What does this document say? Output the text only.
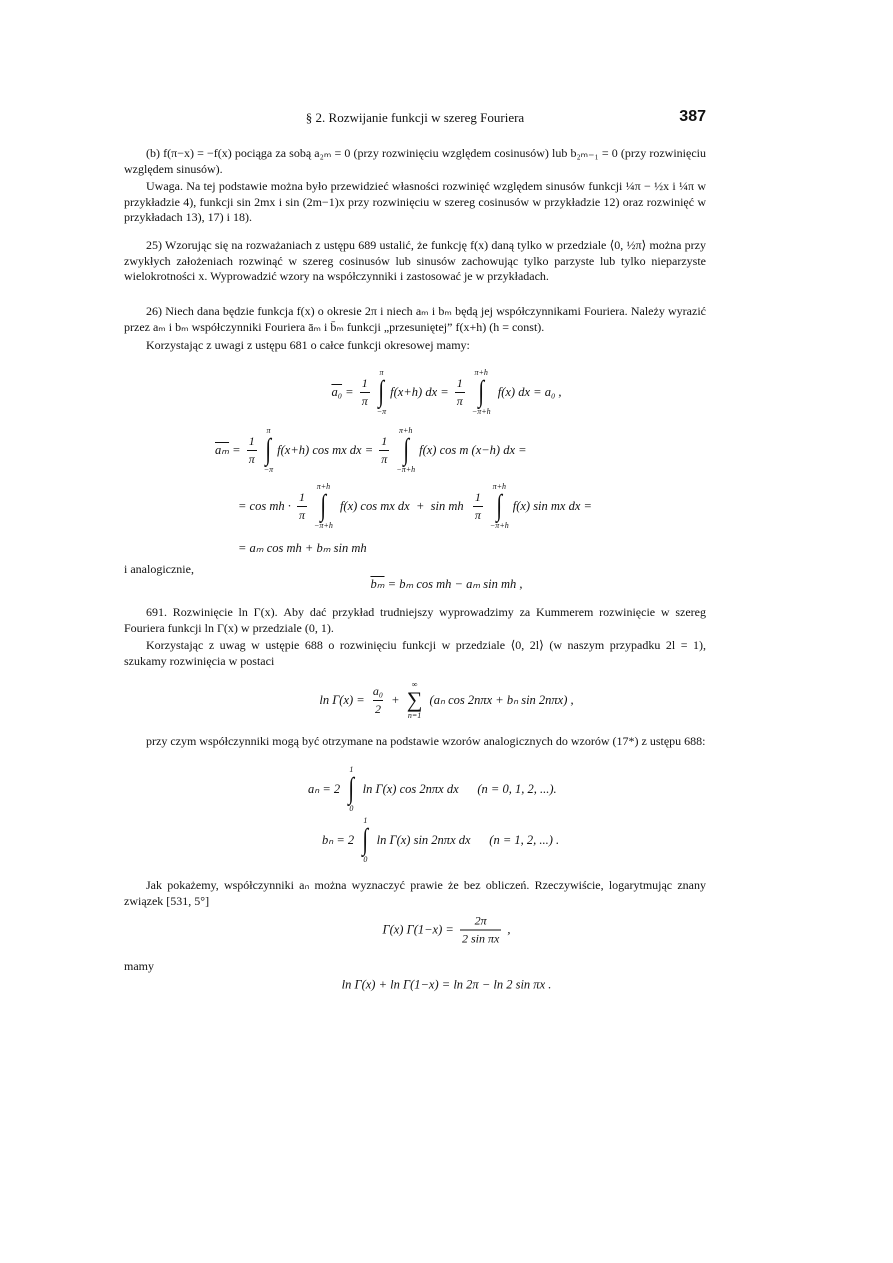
§ 2. Rozwijanie funkcji w szereg Fouriera	387
(b) f(π−x) = −f(x) pociąga za sobą a₂ₘ = 0 (przy rozwinięciu względem cosinusów) lub b₂ₘ₋₁ = 0 (przy rozwinięciu względem sinusów).
Uwaga. Na tej podstawie można było przewidzieć własności rozwinięć względem sinusów funkcji ¼π − ½x i ¼π w przykładzie 4), funkcji sin 2mx i sin (2m−1)x przy rozwinięciu w szereg cosinusów w przykładzie 12) oraz rozwinięć w przykładach 13), 17) i 18).
25) Wzorując się na rozważaniach z ustępu 689 ustalić, że funkcję f(x) daną tylko w przedziale ⟨0, ½π⟩ można przy zwykłych założeniach rozwinąć w szereg cosinusów lub sinusów zachowując tylko parzyste lub tylko nieparzyste wielokrotności x. Wyprowadzić wzory na współczynniki i zastosować je w przykładach.
26) Niech dana będzie funkcja f(x) o okresie 2π i niech aₘ i bₘ będą jej współczynnikami Fouriera. Należy wyrazić przez aₘ i bₘ współczynniki Fouriera āₘ i b̄ₘ funkcji „przesuniętej” f(x+h) (h = const).
Korzystając z uwagi z ustępu 681 o całce funkcji okresowej mamy:
$a_0 = \frac{1}{\pi}$
π
∫
−π
f(x+h) dx = $\frac{1}{\pi}$
π+h
∫
−π+h
f(x) dx = a₀ ,
$\overline{a_m} = \frac{1}{\pi}$
π
∫
−π
f(x+h) cos mx dx = $\frac{1}{\pi}$
π+h
∫
−π+h
f(x) cos m (x−h) dx =
= cos mh · $\frac{1}{\pi}$
π+h
∫
−π+h
f(x) cos mx dx  +  sin mh $\frac{1}{\pi}$
π+h
∫
−π+h
f(x) sin mx dx =
= aₘ cos mh + bₘ sin mh
i analogicznie,
$\overline{b_m} = b_m$ cos mh − aₘ sin mh ,
691. Rozwinięcie ln Γ(x). Aby dać przykład trudniejszy wyprowadzimy za Kummerem rozwinięcie w szereg Fouriera funkcji ln Γ(x) w przedziale (0, 1).
Korzystając z uwag w ustępie 688 o rozwinięciu funkcji w przedziale ⟨0, 2l⟩ (w naszym przypadku 2l = 1), szukamy rozwinięcia w postaci
$\ln \Gamma(x) = \frac{\text{a₀}}{2}$ +
∞
∑
n=1
(aₙ cos 2nπx + bₙ sin 2nπx) ,
przy czym współczynniki mogą być otrzymane na podstawie wzorów analogicznych do wzorów (17*) z ustępu 688:
aₙ = 2
1
∫
0
ln Γ(x) cos 2nπx dx      (n = 0, 1, 2, ...).
bₙ = 2
1
∫
0
ln Γ(x) sin 2nπx dx      (n = 1, 2, ...) .
Jak pokażemy, współczynniki aₙ można wyznaczyć prawie że bez obliczeń. Rzeczywiście, logarytmując znany związek [531, 5°]
Γ(x) $\Gamma(1-x) = \frac{2\pi}{\text{2 sin πx}}$ ,
mamy
ln Γ(x) + ln Γ(1−x) = ln 2π − ln 2 sin πx .
